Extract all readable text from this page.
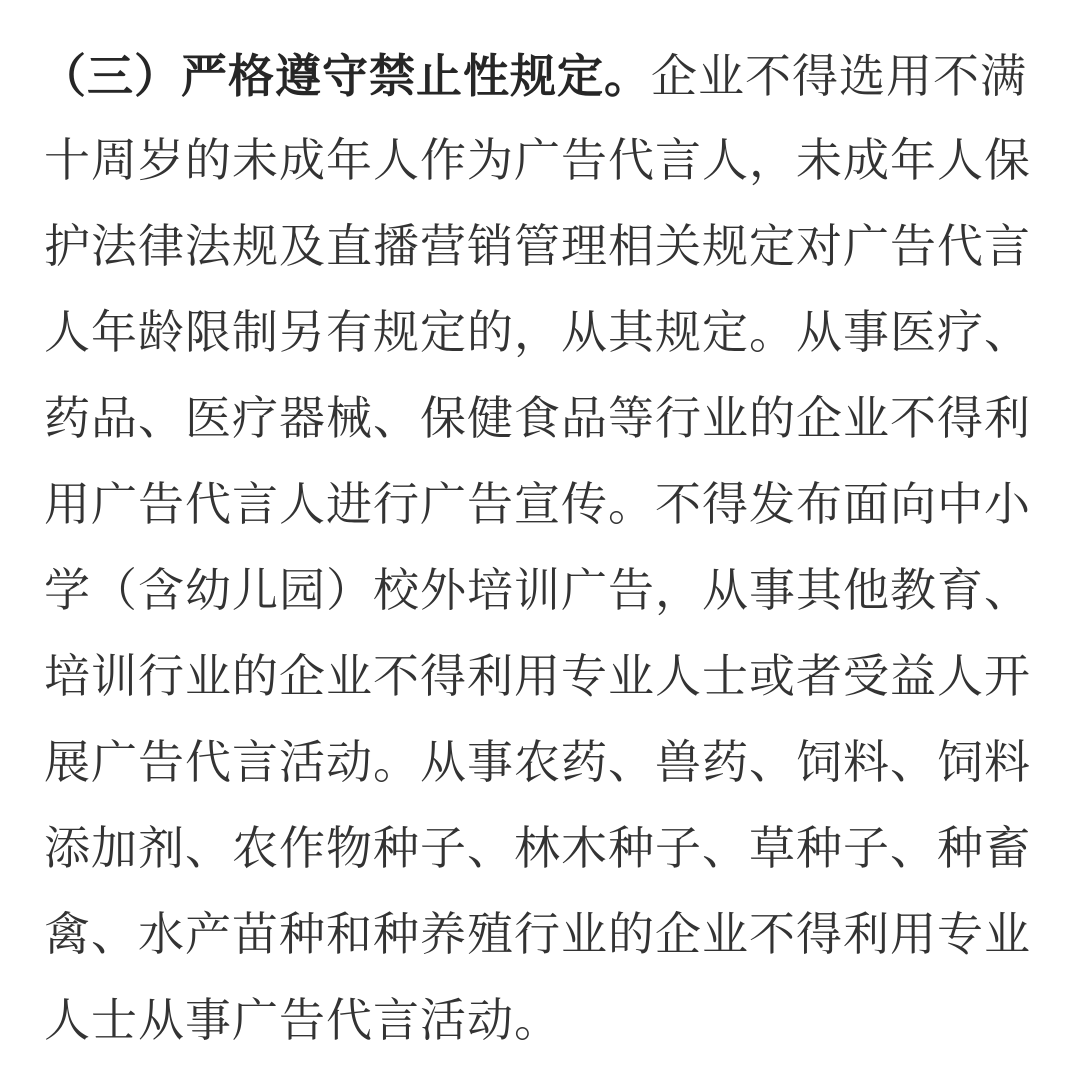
（三）严格遵守禁止性规定。企业不得选用不满
十周岁的未成年人作为广告代言人，未成年人保
护法律法规及直播营销管理相关规定对广告代言
人年龄限制另有规定的，从其规定。从事医疗、
药品、医疗器械、保健食品等行业的企业不得利
用广告代言人进行广告宣传。不得发布面向中小
学（含幼儿园）校外培训广告，从事其他教育、
培训行业的企业不得利用专业人士或者受益人开
展广告代言活动。从事农药、兽药、饲料、饲料
添加剂、农作物种子、林木种子、草种子、种畜
禽、水产苗种和种养殖行业的企业不得利用专业
人士从事广告代言活动。
